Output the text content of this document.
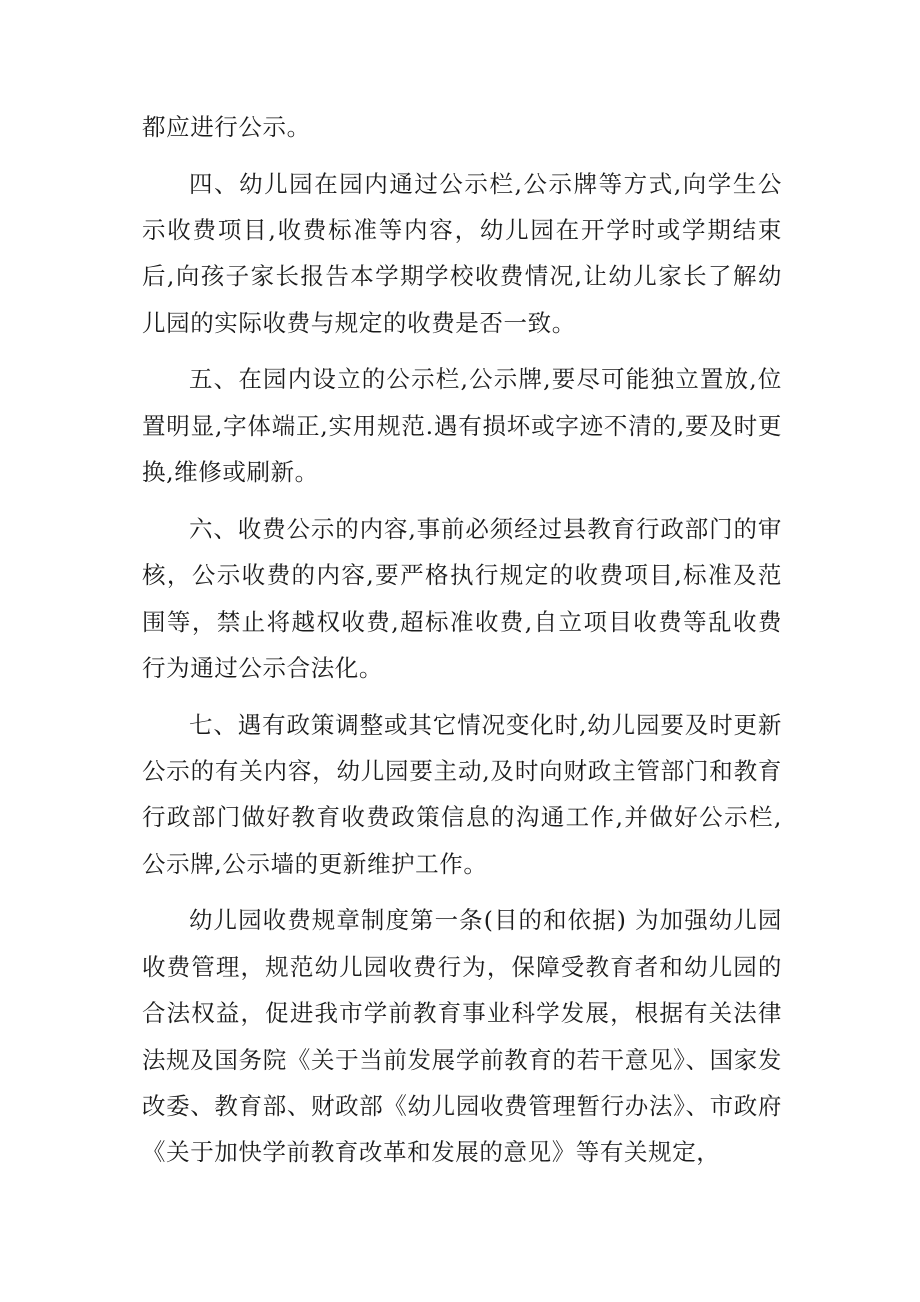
都应进行公示。

四、幼儿园在园内通过公示栏,公示牌等方式,向学生公示收费项目,收费标准等内容，幼儿园在开学时或学期结束后,向孩子家长报告本学期学校收费情况,让幼儿家长了解幼儿园的实际收费与规定的收费是否一致。

五、在园内设立的公示栏,公示牌,要尽可能独立置放,位置明显,字体端正,实用规范.遇有损坏或字迹不清的,要及时更换,维修或刷新。

六、收费公示的内容,事前必须经过县教育行政部门的审核，公示收费的内容,要严格执行规定的收费项目,标准及范围等，禁止将越权收费,超标准收费,自立项目收费等乱收费行为通过公示合法化。

七、遇有政策调整或其它情况变化时,幼儿园要及时更新公示的有关内容，幼儿园要主动,及时向财政主管部门和教育行政部门做好教育收费政策信息的沟通工作,并做好公示栏,公示牌,公示墙的更新维护工作。

幼儿园收费规章制度第一条(目的和依据) 为加强幼儿园收费管理，规范幼儿园收费行为，保障受教育者和幼儿园的合法权益，促进我市学前教育事业科学发展，根据有关法律法规及国务院《关于当前发展学前教育的若干意见》、国家发改委、教育部、财政部《幼儿园收费管理暂行办法》、市政府《关于加快学前教育改革和发展的意见》等有关规定，
